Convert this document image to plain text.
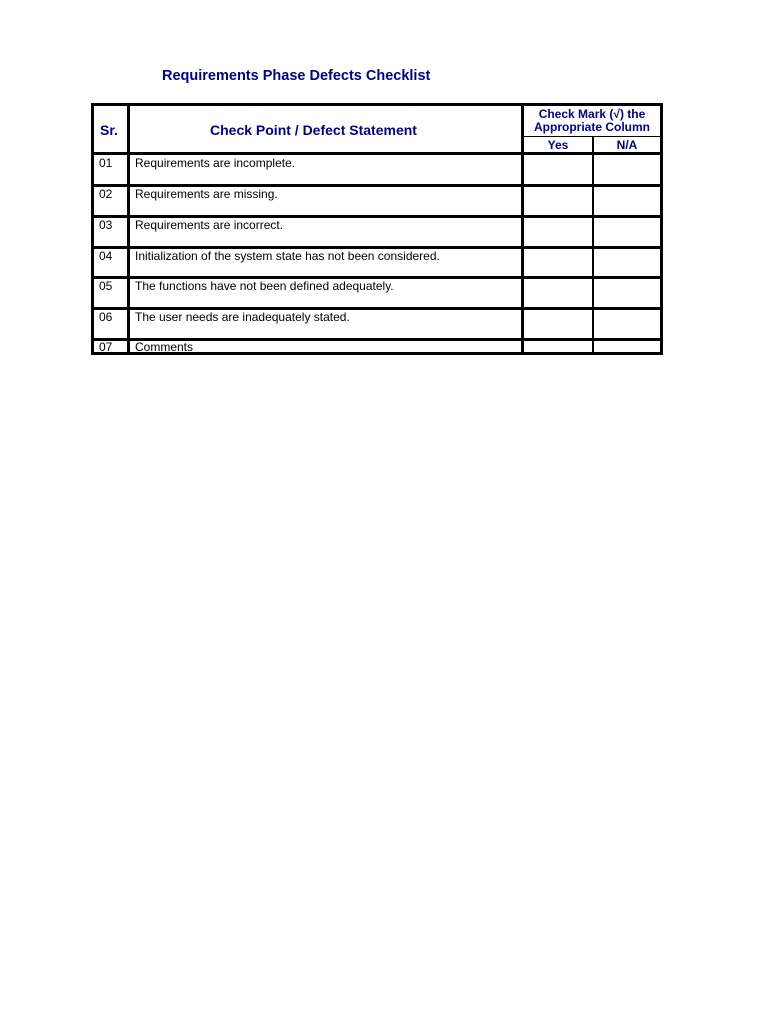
Requirements Phase Defects Checklist
Sr.	Check Point / Defect Statement
Check Mark (√) the
Appropriate Column
Yes	N/A
01 Requirements are incomplete.
02 Requirements are missing.
03 Requirements are incorrect.
04 Initialization of the system state has not been considered.
05 The functions have not been defined adequately.
06 The user needs are inadequately stated.
07 Comments
